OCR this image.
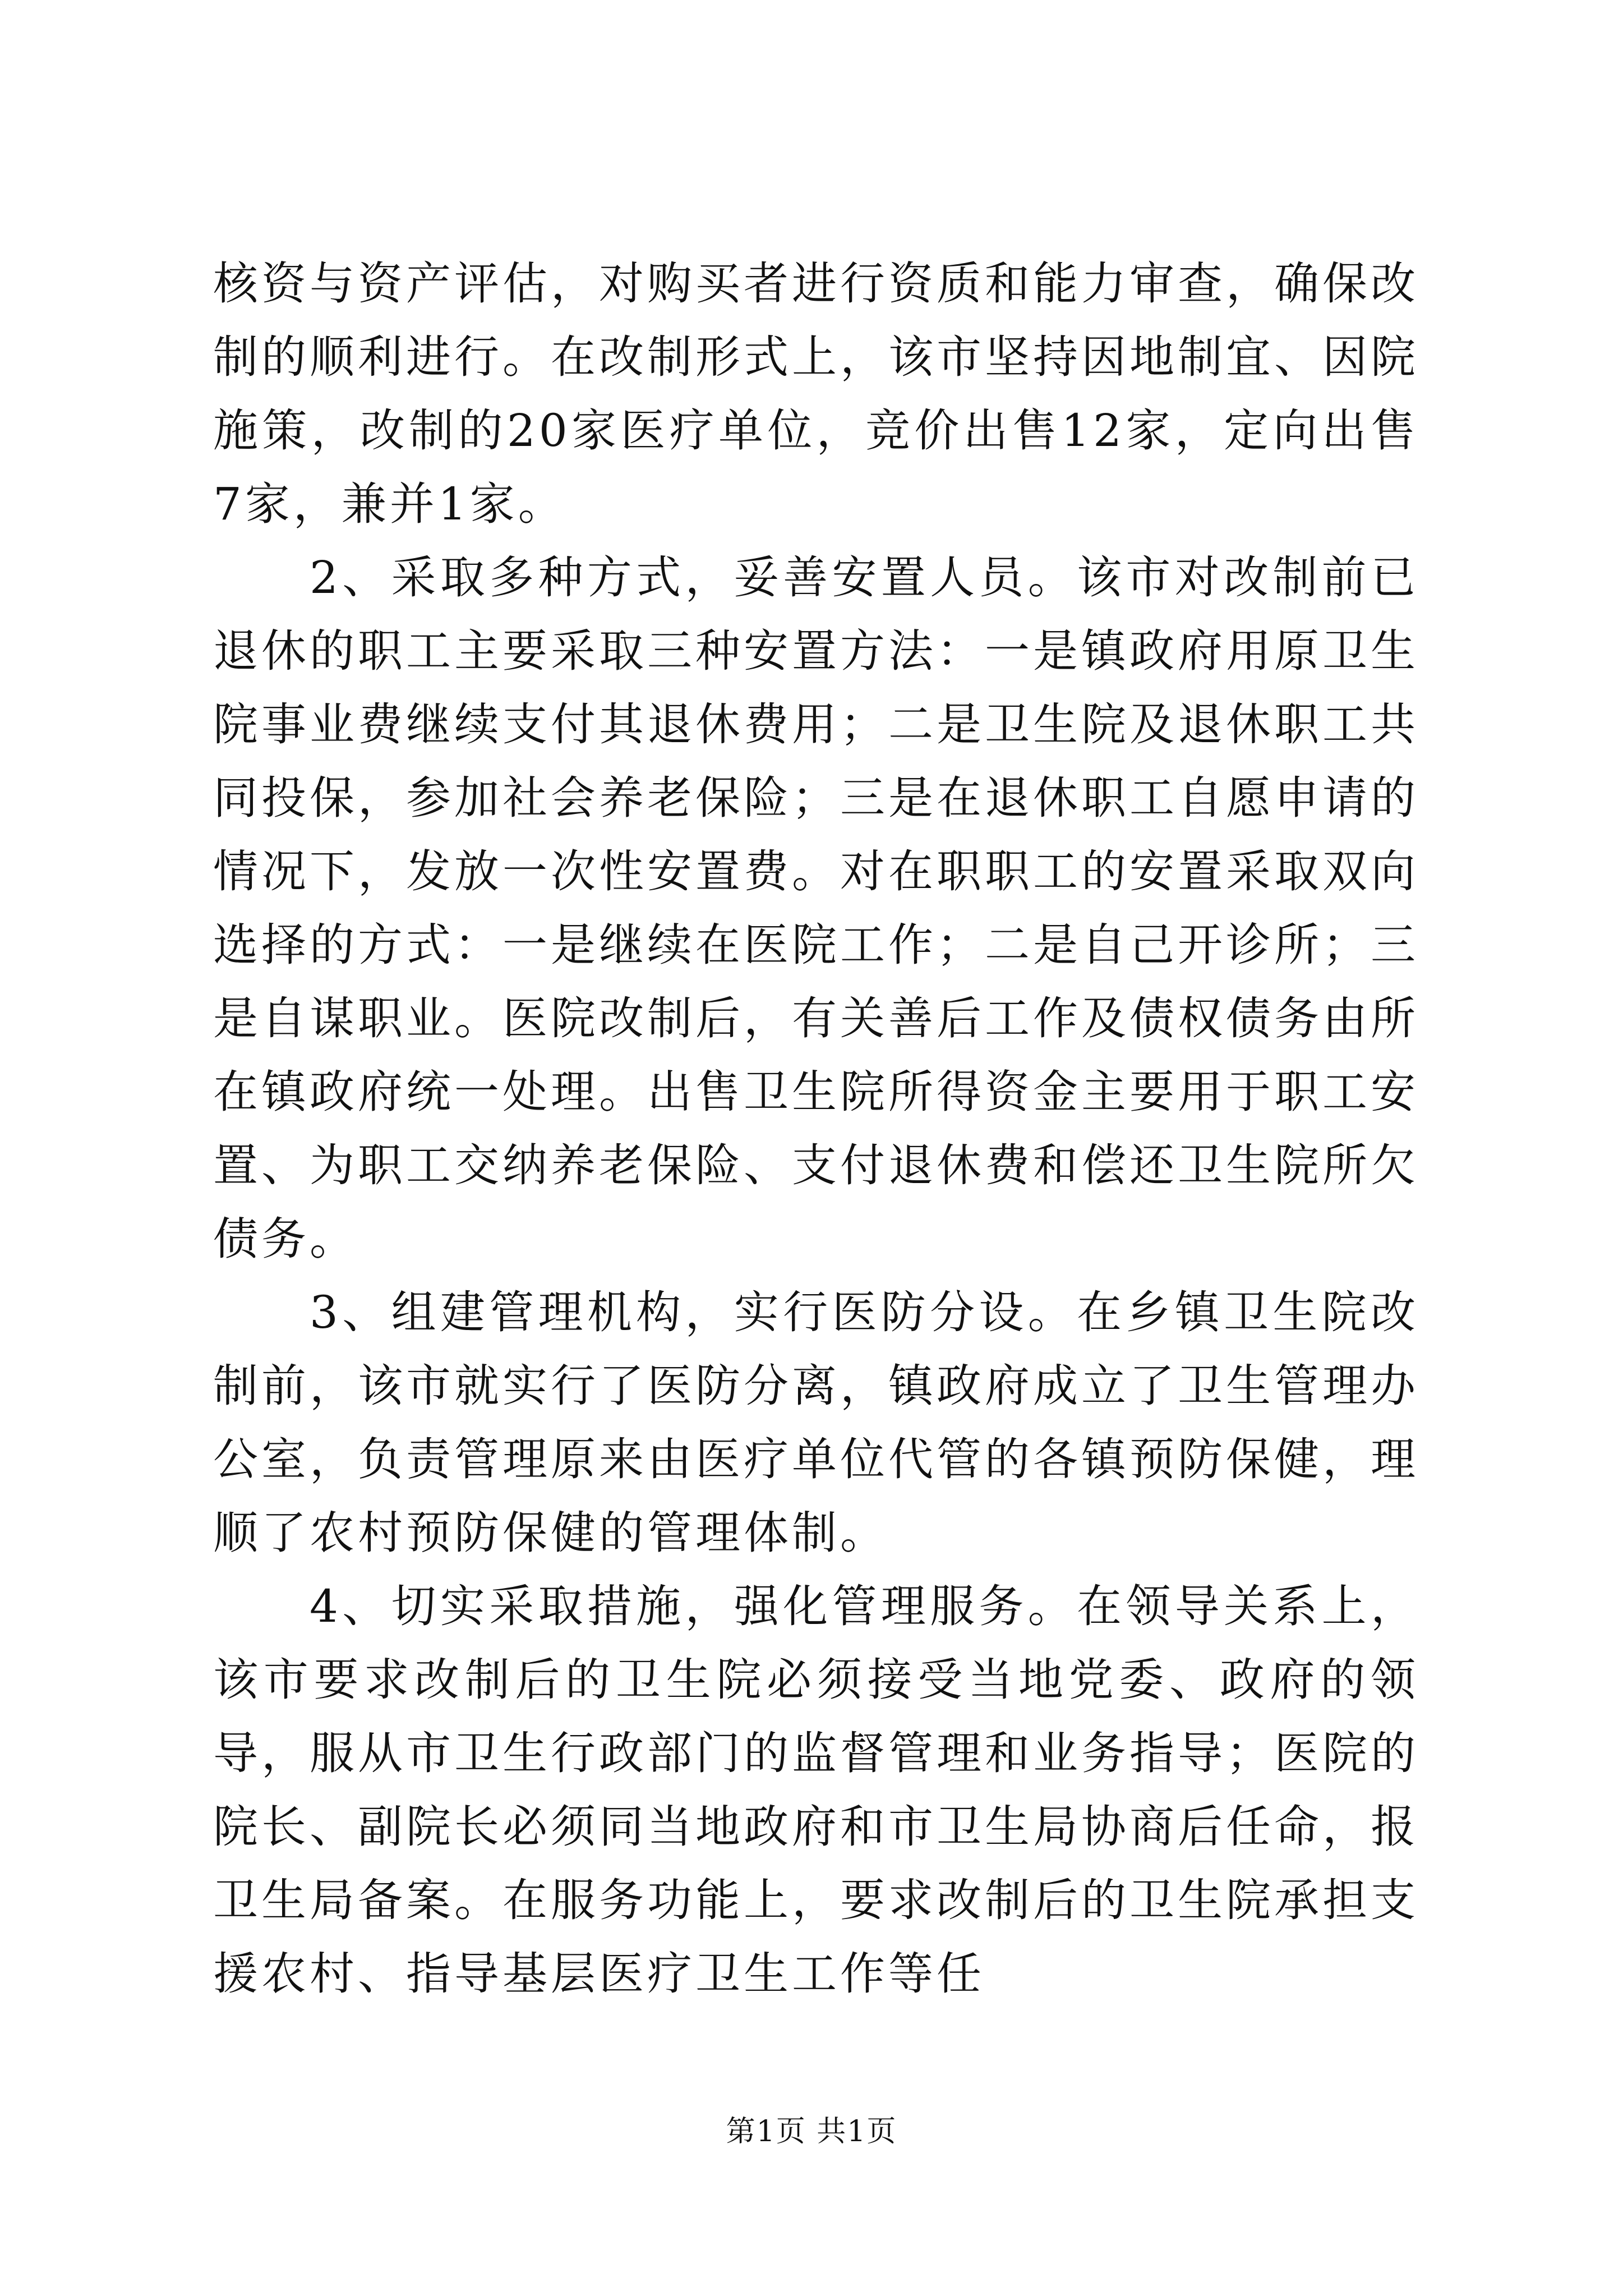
核资与资产评估，对购买者进行资质和能力审查，确保改制的顺利进行。在改制形式上，该市坚持因地制宜、因院施策，改制的20家医疗单位，竞价出售12家，定向出售7家，兼并1家。

2、采取多种方式，妥善安置人员。该市对改制前已退休的职工主要采取三种安置方法：一是镇政府用原卫生院事业费继续支付其退休费用；二是卫生院及退休职工共同投保，参加社会养老保险；三是在退休职工自愿申请的情况下，发放一次性安置费。对在职职工的安置采取双向选择的方式：一是继续在医院工作；二是自己开诊所；三是自谋职业。医院改制后，有关善后工作及债权债务由所在镇政府统一处理。出售卫生院所得资金主要用于职工安置、为职工交纳养老保险、支付退休费和偿还卫生院所欠债务。

3、组建管理机构，实行医防分设。在乡镇卫生院改制前，该市就实行了医防分离，镇政府成立了卫生管理办公室，负责管理原来由医疗单位代管的各镇预防保健，理顺了农村预防保健的管理体制。

4、切实采取措施，强化管理服务。在领导关系上，该市要求改制后的卫生院必须接受当地党委、政府的领导，服从市卫生行政部门的监督管理和业务指导；医院的院长、副院长必须同当地政府和市卫生局协商后任命，报卫生局备案。在服务功能上，要求改制后的卫生院承担支援农村、指导基层医疗卫生工作等任

第1页 共1页
